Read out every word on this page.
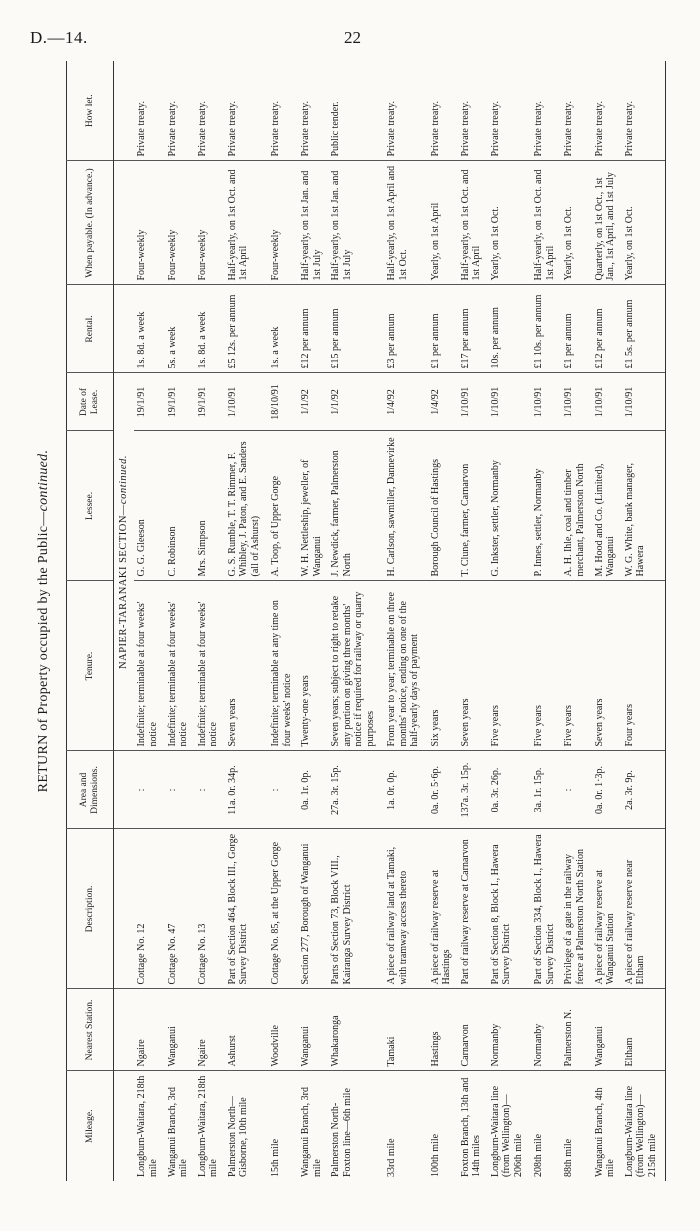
D.—14.	22
RETURN of Property occupied by the Public—continued.
Mileage.	Nearest Station.	Description.	Area and Dimensions.	Tenure.	Lessee.	Date of Lease.	Rental.	When payable. (In advance.)	How let.
				NAPIER-TARANAKI SECTION—continued.					
Longburn-Waitara, 218th mile	Ngaire	Cottage No. 12	:	Indefinite; terminable at four weeks' notice	G. G. Gleeson	19/1/91	1s. 8d. a week	Four-weekly	Private treaty.
Wanganui Branch, 3rd mile	Wanganui	Cottage No. 47	:	Indefinite; terminable at four weeks' notice	C. Robinson	19/1/91	5s. a week	Four-weekly	Private treaty.
Longburn-Waitara, 218th mile	Ngaire	Cottage No. 13	:	Indefinite; terminable at four weeks' notice	Mrs. Simpson	19/1/91	1s. 8d. a week	Four-weekly	Private treaty.
Palmerston North—Gisborne, 10th mile	Ashurst	Part of Section 464, Block III., Gorge Survey District	11a. 0r. 34p.	Seven years	G. S. Rumble, T. T. Rimmer, F. Whibley, J. Paton, and E. Sanders (all of Ashurst)	1/10/91	£5 12s. per annum	Half-yearly, on 1st Oct. and 1st April	Private treaty.
15th mile	Woodville	Cottage No. 85, at the Upper Gorge	:	Indefinite; terminable at any time on four weeks' notice	A. Toop, of Upper Gorge	18/10/91	1s. a week	Four-weekly	Private treaty.
Wanganui Branch, 3rd mile	Wanganui	Section 277, Borough of Wanganui	0a. 1r. 0p.	Twenty-one years	W. H. Nettleship, jeweller, of Wanganui	1/1/92	£12 per annum	Half-yearly, on 1st Jan. and 1st July	Private treaty.
Palmerston North-Foxton line—6th mile	Whakaronga	Parts of Section 73, Block VIII., Kairanga Survey District	27a. 3r. 15p.	Seven years; subject to right to retake any portion on giving three months' notice if required for railway or quarry purposes	J. Newdick, farmer, Palmerston North	1/1/92	£15 per annum	Half-yearly, on 1st Jan. and 1st July	Public tender.
33rd mile	Tamaki	A piece of railway land at Tamaki, with tramway access thereto	1a. 0r. 0p.	From year to year; terminable on three months' notice, ending on one of the half-yearly days of payment	H. Carlson, sawmiller, Dannevirke	1/4/92	£3 per annum	Half-yearly, on 1st April and 1st Oct.	Private treaty.
100th mile	Hastings	A piece of railway reserve at Hastings	0a. 0r. 5·6p.	Six years	Borough Council of Hastings	1/4/92	£1 per annum	Yearly, on 1st April	Private treaty.
Foxton Branch, 13th and 14th miles	Carnarvon	Part of railway reserve at Carnarvon	137a. 3r. 15p.	Seven years	T. Clune, farmer, Carnarvon	1/10/91	£17 per annum	Half-yearly, on 1st Oct. and 1st April	Private treaty.
Longburn-Waitara line (from Wellington)—206th mile	Normanby	Part of Section 8, Block I., Hawera Survey District	0a. 3r. 26p.	Five years	G. Inkster, settler, Normanby	1/10/91	10s. per annum	Yearly, on 1st Oct.	Private treaty.
208th mile	Normanby	Part of Section 334, Block I., Hawera Survey District	3a. 1r. 15p.	Five years	P. Innes, settler, Normanby	1/10/91	£1 10s. per annum	Half-yearly, on 1st Oct. and 1st April	Private treaty.
88th mile	Palmerston N.	Privilege of a gate in the railway fence at Palmerston North Station	:	Five years	A. H. Ihle, coal and timber merchant, Palmerston North	1/10/91	£1 per annum	Yearly, on 1st Oct.	Private treaty.
Wanganui Branch, 4th mile	Wanganui	A piece of railway reserve at Wanganui Station	0a. 0r. 1·3p.	Seven years	M. Hood and Co. (Limited), Wanganui	1/10/91	£12 per annum	Quarterly, on 1st Oct., 1st Jan., 1st April, and 1st July	Private treaty.
Longburn-Waitara line (from Wellington)—215th mile	Eltham	A piece of railway reserve near Eltham	2a. 3r. 9p.	Four years	W. G. White, bank manager, Hawera	1/10/91	£1 5s. per annum	Yearly, on 1st Oct.	Private treaty.
